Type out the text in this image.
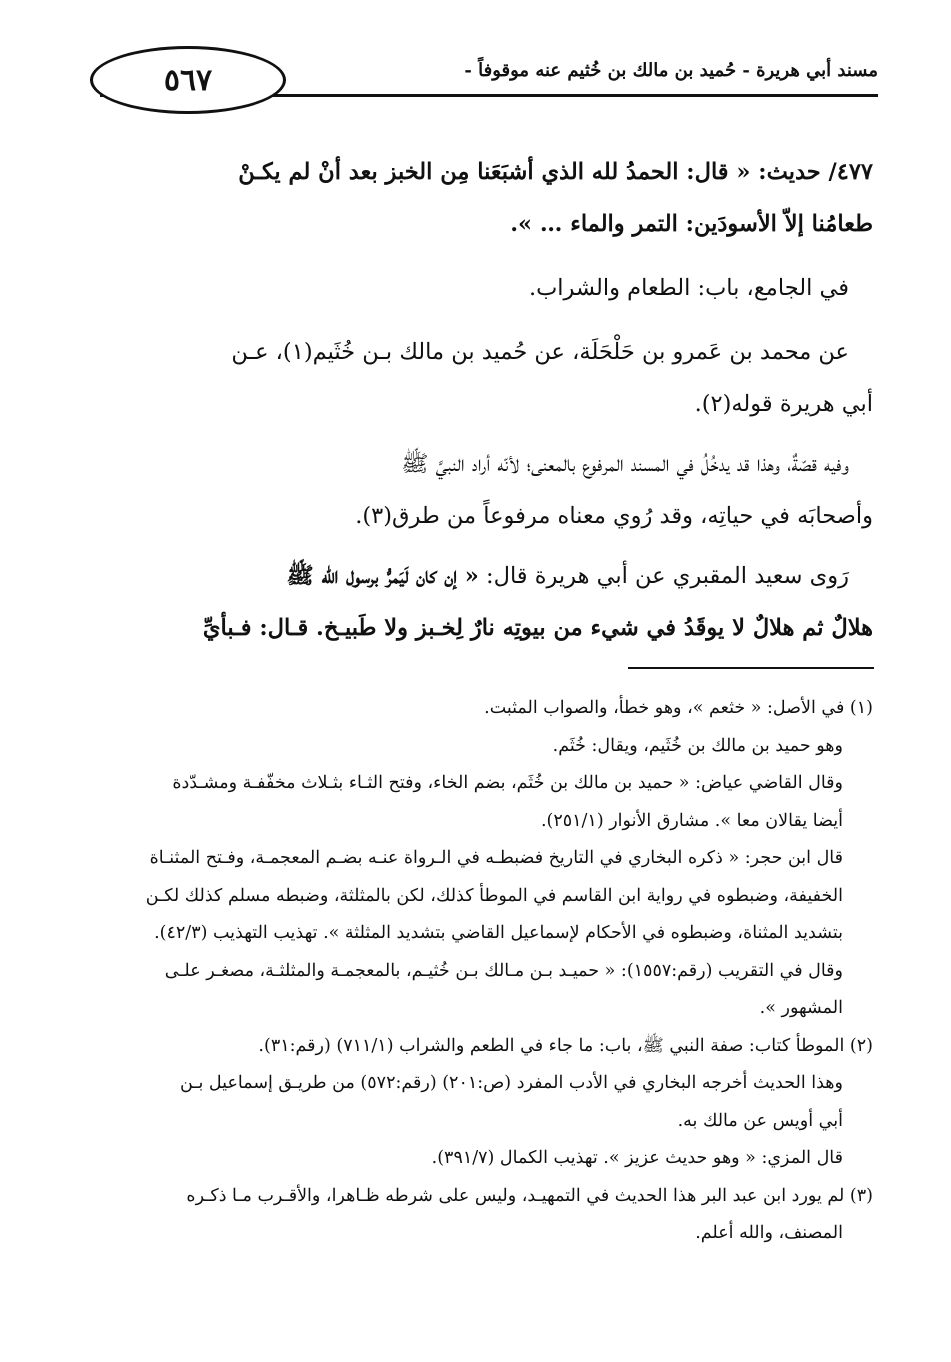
مسند أبي هريرة - حُميد بن مالك بن خُثيم عنه موقوفاً -
٥٦٧

٤٧٧/ حديث: « قال: الحمدُ لله الذي أشبَعَنا مِن الخبز بعد أنْ لم يكـنْ

طعامُنا إلاّ الأسودَين: التمر والماء … ».

في الجامع، باب: الطعام والشراب.

عن محمد بن عَمرو بن حَلْحَلَة، عن حُميد بن مالك بـن خُثَيم(١)، عـن

أبي هريرة قوله(٢).

وفيه قصّةٌ، وهذا قد يدخُلُ في المسند المرفوع بالمعنى؛ لأنّه أراد النبيَّ ﷺ

وأصحابَه في حياتِه، وقد رُوي معناه مرفوعاً من طرق(٣).

رَوى سعيد المقبري عن أبي هريرة قال: « إن كان لَيَمرُّ برسول الله ﷺ

هلالٌ ثم هلالٌ لا يوقَدُ في شيء من بيوتِه نارٌ لِخـبز ولا طَبيـخ. قـال: فـبأيِّ

(١) في الأصل: « خثعم »، وهو خطأ، والصواب المثبت.

وهو حميد بن مالك بن خُثَيم، ويقال: خُثَم.

وقال القاضي عياض: « حميد بن مالك بن خُثَم، بضم الخاء، وفتح الثـاء بثـلاث مخفّفـة ومشـدّدة

أيضا يقالان معا ». مشارق الأنوار (٢٥١/١).

قال ابن حجر: « ذكره البخاري في التاريخ فضبطـه في الـرواة عنـه بضـم المعجمـة، وفـتح المثنـاة

الخفيفة، وضبطوه في رواية ابن القاسم في الموطأ كذلك، لكن بالمثلثة، وضبطه مسلم كذلك لكـن

بتشديد المثناة، وضبطوه في الأحكام لإسماعيل القاضي بتشديد المثلثة ». تهذيب التهذيب (٤٢/٣).

وقال في التقريب (رقم:١٥٥٧): « حميـد بـن مـالك بـن خُثيـم، بالمعجمـة والمثلثـة، مصغـر علـى

المشهور ».

(٢) الموطأ كتاب: صفة النبي ﷺ، باب: ما جاء في الطعم والشراب (٧١١/١) (رقم:٣١).

وهذا الحديث أخرجه البخاري في الأدب المفرد (ص:٢٠١) (رقم:٥٧٢) من طريـق إسماعيل بـن

أبي أويس عن مالك به.

قال المزي: « وهو حديث عزيز ». تهذيب الكمال (٣٩١/٧).

(٣) لم يورد ابن عبد البر هذا الحديث في التمهيـد، وليس على شرطه ظـاهرا، والأقـرب مـا ذكـره

المصنف، والله أعلم.
